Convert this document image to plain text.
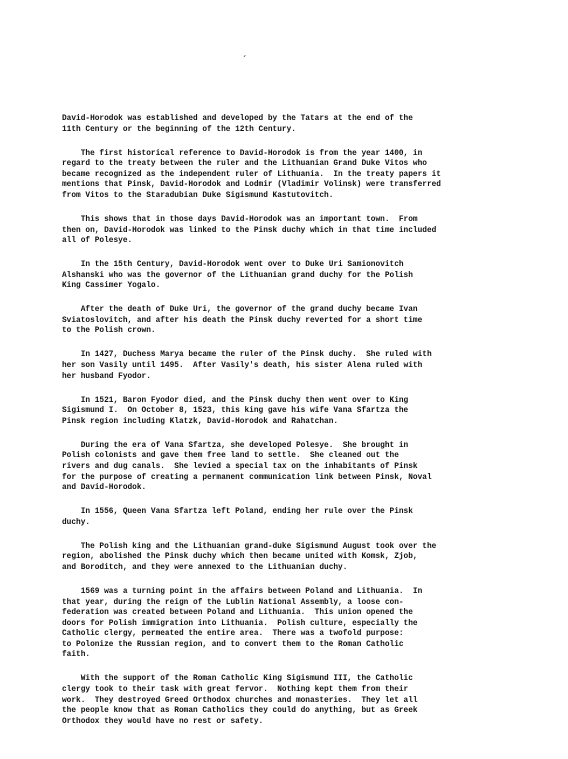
ˏ
David-Horodok was established and developed by the Tatars at the end of the
11th Century or the beginning of the 12th Century.
The first historical reference to David-Horodok is from the year 1400, in
regard to the treaty between the ruler and the Lithuanian Grand Duke Vitos who
became recognized as the independent ruler of Lithuania.  In the treaty papers it
mentions that Pinsk, David-Horodok and Lodmir (Vladimir Volinsk) were transferred
from Vitos to the Staradubian Duke Sigismund Kastutovitch.
This shows that in those days David-Horodok was an important town.  From
then on, David-Horodok was linked to the Pinsk duchy which in that time included
all of Polesye.
In the 15th Century, David-Horodok went over to Duke Uri Samionovitch
Alshanski who was the governor of the Lithuanian grand duchy for the Polish
King Cassimer Yogalo.
After the death of Duke Uri, the governor of the grand duchy became Ivan
Sviatoslovitch, and after his death the Pinsk duchy reverted for a short time
to the Polish crown.
In 1427, Duchess Marya became the ruler of the Pinsk duchy.  She ruled with
her son Vasily until 1495.  After Vasily's death, his sister Alena ruled with
her husband Fyodor.
In 1521, Baron Fyodor died, and the Pinsk duchy then went over to King
Sigismund I.  On October 8, 1523, this king gave his wife Vana Sfartza the
Pinsk region including Klatzk, David-Horodok and Rahatchan.
During the era of Vana Sfartza, she developed Polesye.  She brought in
Polish colonists and gave them free land to settle.  She cleaned out the
rivers and dug canals.  She levied a special tax on the inhabitants of Pinsk
for the purpose of creating a permanent communication link between Pinsk, Noval
and David-Horodok.
In 1556, Queen Vana Sfartza left Poland, ending her rule over the Pinsk
duchy.
The Polish king and the Lithuanian grand-duke Sigismund August took over the
region, abolished the Pinsk duchy which then became united with Komsk, Zjob,
and Boroditch, and they were annexed to the Lithuanian duchy.
1569 was a turning point in the affairs between Poland and Lithuania.  In
that year, during the reign of the Lublin National Assembly, a loose con-
federation was created between Poland and Lithuania.  This union opened the
doors for Polish immigration into Lithuania.  Polish culture, especially the
Catholic clergy, permeated the entire area.  There was a twofold purpose:
to Polonize the Russian region, and to convert them to the Roman Catholic
faith.
With the support of the Roman Catholic King Sigismund III, the Catholic
clergy took to their task with great fervor.  Nothing kept them from their
work.  They destroyed Greed Orthodox churches and monasteries.  They let all
the people know that as Roman Catholics they could do anything, but as Greek
Orthodox they would have no rest or safety.
